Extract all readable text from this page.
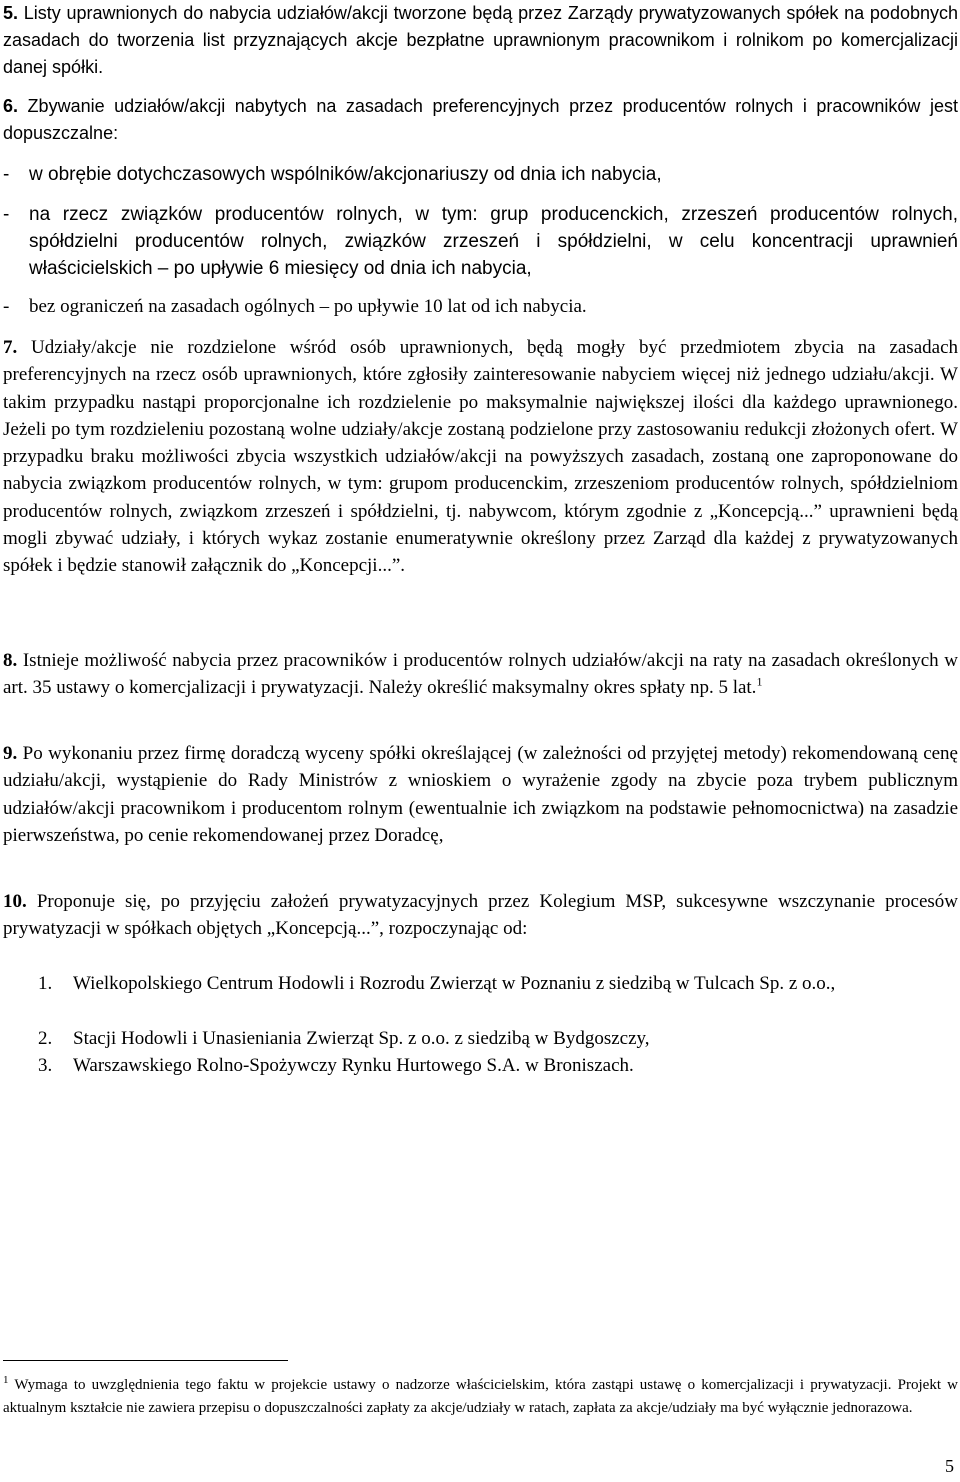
5. Listy uprawnionych do nabycia udziałów/akcji tworzone będą przez Zarządy prywatyzowanych spółek na podobnych zasadach do tworzenia list przyznających akcje bezpłatne uprawnionym pracownikom i rolnikom po komercjalizacji danej spółki.

6. Zbywanie udziałów/akcji nabytych na zasadach preferencyjnych przez producentów rolnych i pracowników jest dopuszczalne:

- w obrębie dotychczasowych wspólników/akcjonariuszy od dnia ich nabycia,
- na rzecz związków producentów rolnych, w tym: grup producenckich, zrzeszeń producentów rolnych, spółdzielni producentów rolnych, związków zrzeszeń i spółdzielni, w celu koncentracji uprawnień właścicielskich – po upływie 6 miesięcy od dnia ich nabycia,
- bez ograniczeń na zasadach ogólnych – po upływie 10 lat od ich nabycia.

7. Udziały/akcje nie rozdzielone wśród osób uprawnionych, będą mogły być przedmiotem zbycia na zasadach preferencyjnych na rzecz osób uprawnionych, które zgłosiły zainteresowanie nabyciem więcej niż jednego udziału/akcji. W takim przypadku nastąpi proporcjonalne ich rozdzielenie po maksymalnie największej ilości dla każdego uprawnionego. Jeżeli po tym rozdzieleniu pozostaną wolne udziały/akcje zostaną podzielone przy zastosowaniu redukcji złożonych ofert. W przypadku braku możliwości zbycia wszystkich udziałów/akcji na powyższych zasadach, zostaną one zaproponowane do nabycia związkom producentów rolnych, w tym: grupom producenckim, zrzeszeniom producentów rolnych, spółdzielniom producentów rolnych, związkom zrzeszeń i spółdzielni, tj. nabywcom, którym zgodnie z „Koncepcją...” uprawnieni będą mogli zbywać udziały, i których wykaz zostanie enumeratywnie określony przez Zarząd dla każdej z prywatyzowanych spółek i będzie stanowił załącznik do „Koncepcji...”.

8. Istnieje możliwość nabycia przez pracowników i producentów rolnych udziałów/akcji na raty na zasadach określonych w art. 35 ustawy o komercjalizacji i prywatyzacji. Należy określić maksymalny okres spłaty np. 5 lat.$^1$

9. Po wykonaniu przez firmę doradczą wyceny spółki określającej (w zależności od przyjętej metody) rekomendowaną cenę udziału/akcji, wystąpienie do Rady Ministrów z wnioskiem o wyrażenie zgody na zbycie poza trybem publicznym udziałów/akcji pracownikom i producentom rolnym (ewentualnie ich związkom na podstawie pełnomocnictwa) na zasadzie pierwszeństwa, po cenie rekomendowanej przez Doradcę,

10. Proponuje się, po przyjęciu założeń prywatyzacyjnych przez Kolegium MSP, sukcesywne wszczynanie procesów prywatyzacji w spółkach objętych „Koncepcją...”, rozpoczynając od:

1. Wielkopolskiego Centrum Hodowli i Rozrodu Zwierząt w Poznaniu z siedzibą w Tulcach Sp. z o.o.,
2. Stacji Hodowli i Unasieniania Zwierząt Sp. z o.o. z siedzibą w Bydgoszczy,
3. Warszawskiego Rolno-Spożywczy Rynku Hurtowego S.A. w Broniszach.

$^1$ Wymaga to uwzględnienia tego faktu w projekcie ustawy o nadzorze właścicielskim, która zastąpi ustawę o komercjalizacji i prywatyzacji. Projekt w aktualnym kształcie nie zawiera przepisu o dopuszczalności zapłaty za akcje/udziały w ratach, zapłata za akcje/udziały ma być wyłącznie jednorazowa.

5
